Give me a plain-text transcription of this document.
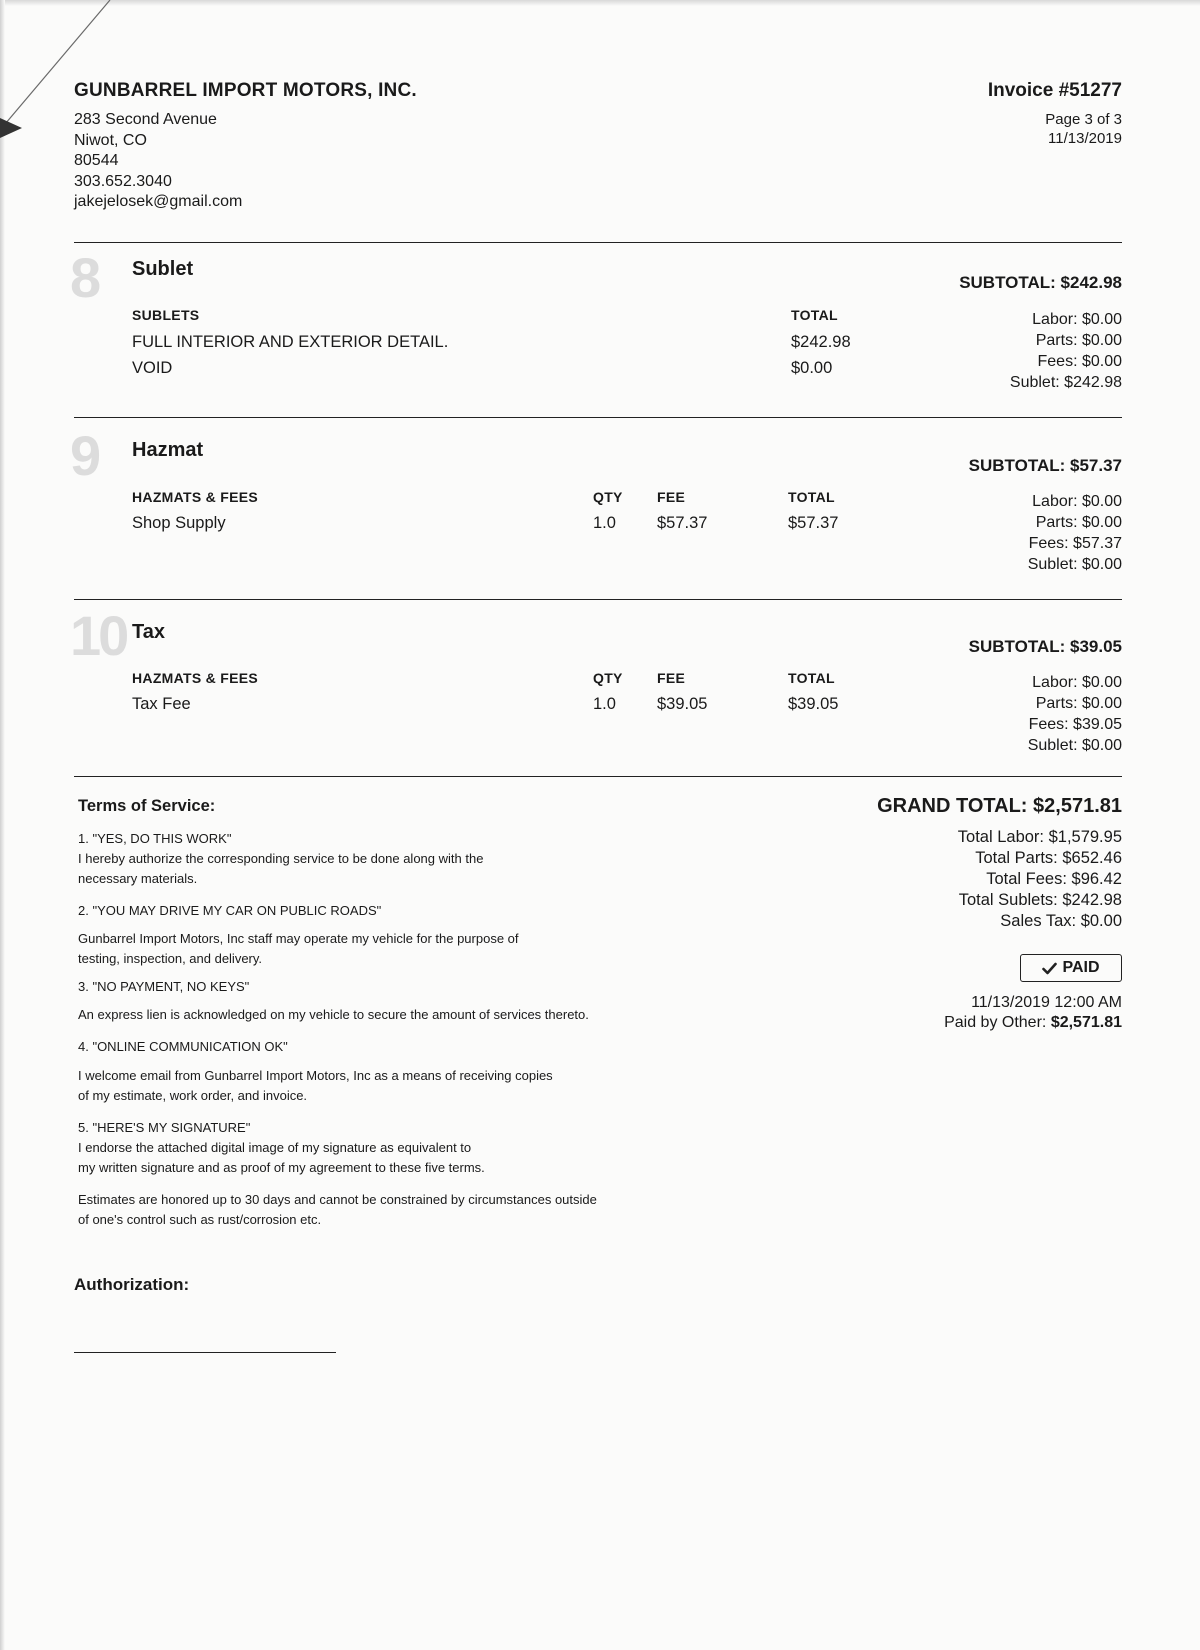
GUNBARREL IMPORT MOTORS, INC.
283 Second Avenue
Niwot, CO
80544
303.652.3040
jakejelosek@gmail.com
Invoice #51277
Page 3 of 3
11/13/2019
8 Sublet
SUBTOTAL: $242.98
SUBLETS	TOTAL
FULL INTERIOR AND EXTERIOR DETAIL.	$242.98
VOID	$0.00
Labor: $0.00
Parts: $0.00
Fees: $0.00
Sublet: $242.98
9 Hazmat
SUBTOTAL: $57.37
HAZMATS & FEES	QTY FEE	TOTAL
Shop Supply	1.0 $57.37	$57.37
Labor: $0.00
Parts: $0.00
Fees: $57.37
Sublet: $0.00
10 Tax
SUBTOTAL: $39.05
HAZMATS & FEES	QTY FEE	TOTAL
Tax Fee	1.0 $39.05	$39.05
Labor: $0.00
Parts: $0.00
Fees: $39.05
Sublet: $0.00
Terms of Service:
1. "YES, DO THIS WORK"
I hereby authorize the corresponding service to be done along with the
necessary materials.
2. "YOU MAY DRIVE MY CAR ON PUBLIC ROADS"
Gunbarrel Import Motors, Inc staff may operate my vehicle for the purpose of
testing, inspection, and delivery.
3. "NO PAYMENT, NO KEYS"
An express lien is acknowledged on my vehicle to secure the amount of services thereto.
4. "ONLINE COMMUNICATION OK"
I welcome email from Gunbarrel Import Motors, Inc as a means of receiving copies
of my estimate, work order, and invoice.
5. "HERE'S MY SIGNATURE"
I endorse the attached digital image of my signature as equivalent to
my written signature and as proof of my agreement to these five terms.
Estimates are honored up to 30 days and cannot be constrained by circumstances outside
of one's control such as rust/corrosion etc.
GRAND TOTAL: $2,571.81
Total Labor: $1,579.95
Total Parts: $652.46
Total Fees: $96.42
Total Sublets: $242.98
Sales Tax: $0.00
PAID
11/13/2019 12:00 AM
Paid by Other: $2,571.81
Authorization:
